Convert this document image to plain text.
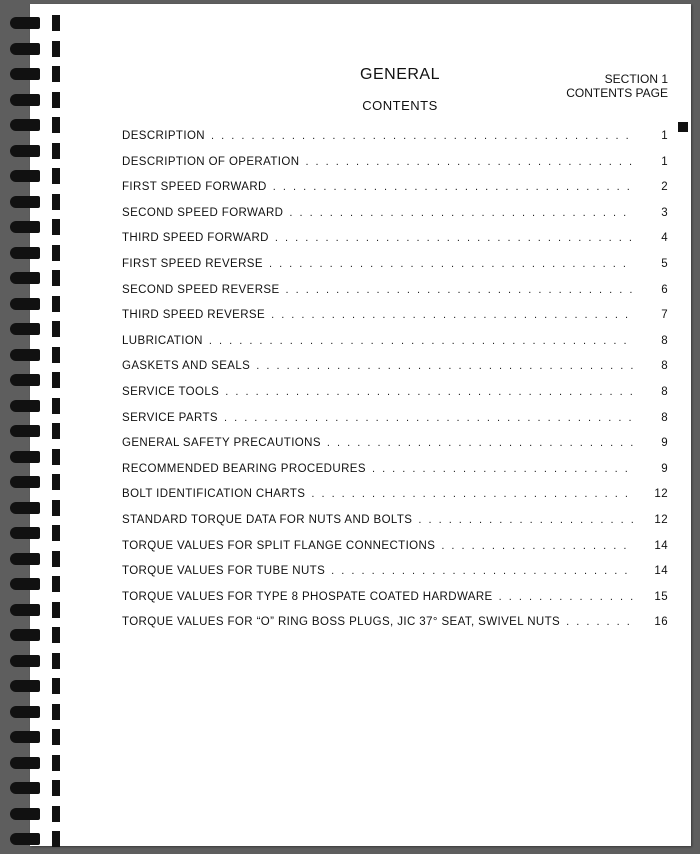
GENERAL
CONTENTS
SECTION 1
CONTENTS PAGE
DESCRIPTION . . .	1
DESCRIPTION OF OPERATION . . .	1
FIRST SPEED FORWARD . . .	2
SECOND SPEED FORWARD . . .	3
THIRD SPEED FORWARD . . .	4
FIRST SPEED REVERSE . . .	5
SECOND SPEED REVERSE . . .	6
THIRD SPEED REVERSE . . .	7
LUBRICATION . . .	8
GASKETS AND SEALS . . .	8
SERVICE TOOLS . . .	8
SERVICE PARTS . . .	8
GENERAL SAFETY PRECAUTIONS . . .	9
RECOMMENDED BEARING PROCEDURES . . .	9
BOLT IDENTIFICATION CHARTS . . .	12
STANDARD TORQUE DATA FOR NUTS AND BOLTS . . .	12
TORQUE VALUES FOR SPLIT FLANGE CONNECTIONS . . .	14
TORQUE VALUES FOR TUBE NUTS . . .	14
TORQUE VALUES FOR TYPE 8 PHOSPATE COATED HARDWARE . . .	15
TORQUE VALUES FOR “O” RING BOSS PLUGS, JIC 37° SEAT, SWIVEL NUTS . . .	16
